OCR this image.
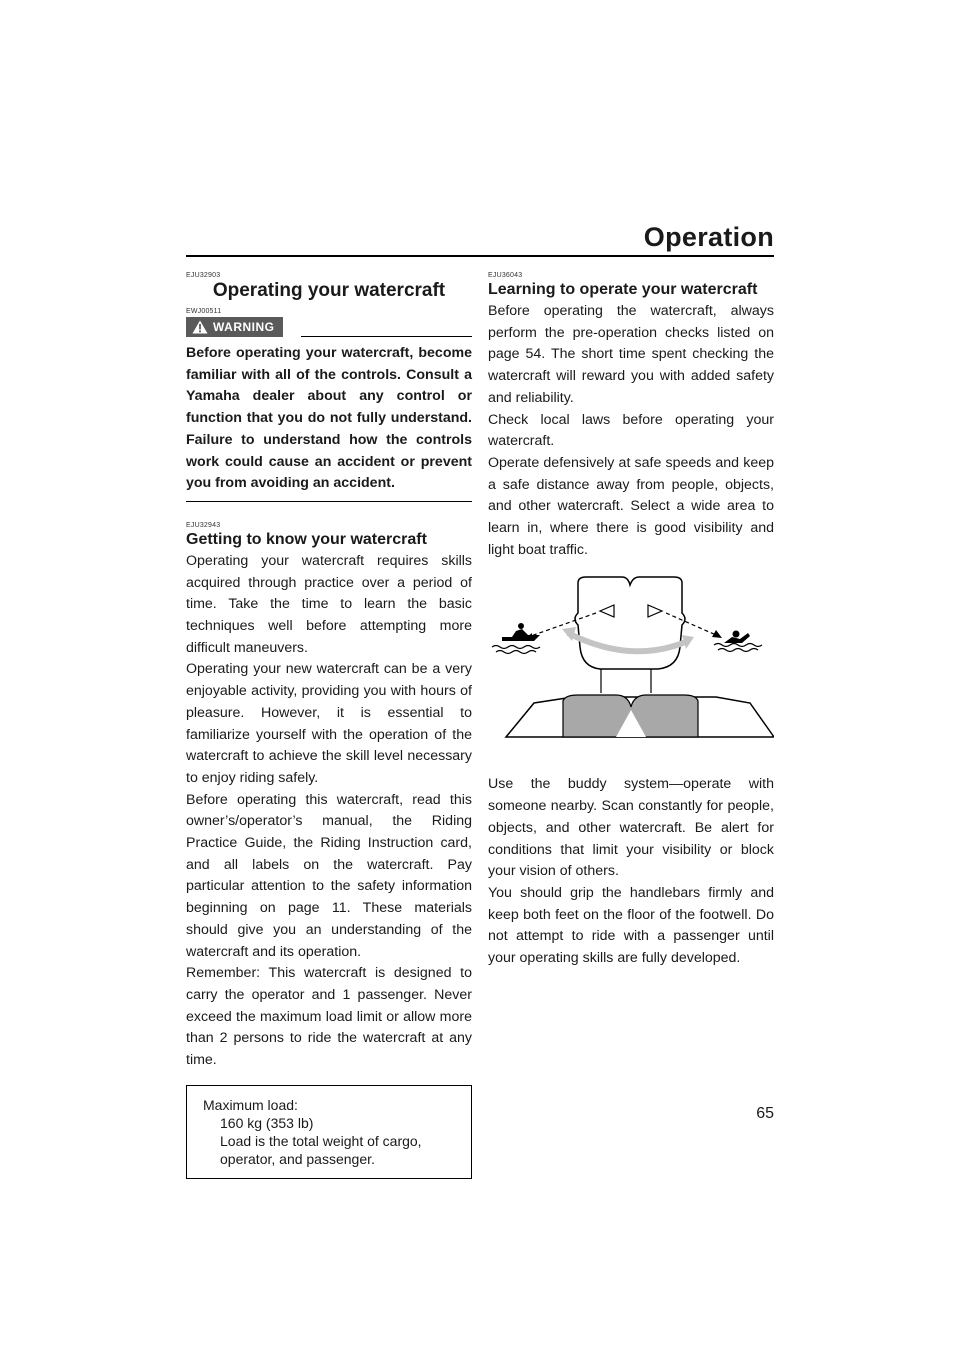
Operation
EJU32903
Operating your watercraft
EWJ00511
WARNING

Before operating your watercraft, become familiar with all of the controls. Consult a Yamaha dealer about any control or function that you do not fully understand. Failure to understand how the controls work could cause an accident or prevent you from avoiding an accident.

EJU32943
Getting to know your watercraft

Operating your watercraft requires skills acquired through practice over a period of time. Take the time to learn the basic techniques well before attempting more difficult maneuvers.

Operating your new watercraft can be a very enjoyable activity, providing you with hours of pleasure. However, it is essential to familiarize yourself with the operation of the watercraft to achieve the skill level necessary to enjoy riding safely.

Before operating this watercraft, read this owner’s/operator’s manual, the Riding Practice Guide, the Riding Instruction card, and all labels on the watercraft. Pay particular attention to the safety information beginning on page 11. These materials should give you an understanding of the watercraft and its operation.

Remember: This watercraft is designed to carry the operator and 1 passenger. Never exceed the maximum load limit or allow more than 2 persons to ride the watercraft at any time.

Maximum load:
160 kg (353 lb)
Load is the total weight of cargo, operator, and passenger.
EJU36043
Learning to operate your watercraft

Before operating the watercraft, always perform the pre-operation checks listed on page 54. The short time spent checking the watercraft will reward you with added safety and reliability.

Check local laws before operating your watercraft.

Operate defensively at safe speeds and keep a safe distance away from people, objects, and other watercraft. Select a wide area to learn in, where there is good visibility and light boat traffic.

Use the buddy system—operate with someone nearby. Scan constantly for people, objects, and other watercraft. Be alert for conditions that limit your visibility or block your vision of others.

You should grip the handlebars firmly and keep both feet on the floor of the footwell. Do not attempt to ride with a passenger until your operating skills are fully developed.

65
